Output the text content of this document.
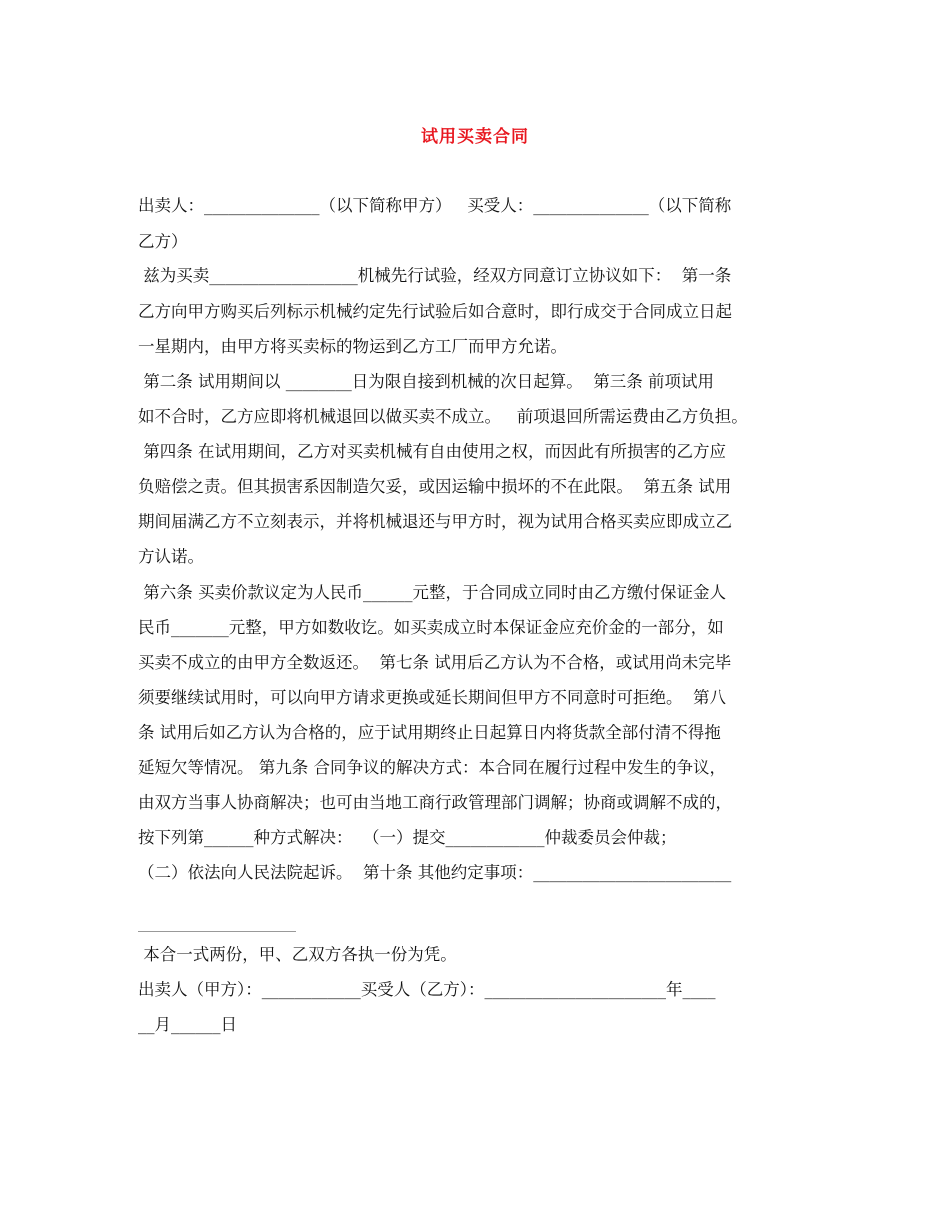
试用买卖合同
出卖人：______________（以下简称甲方）   买受人：______________（以下简称
乙方）
兹为买卖__________________机械先行试验，经双方同意订立协议如下：  第一条
乙方向甲方购买后列标示机械约定先行试验后如合意时，即行成交于合同成立日起
一星期内，由甲方将买卖标的物运到乙方工厂而甲方允诺。
第二条 试用期间以 ________日为限自接到机械的次日起算。  第三条 前项试用
如不合时，乙方应即将机械退回以做买卖不成立。   前项退回所需运费由乙方负担。
第四条 在试用期间，乙方对买卖机械有自由使用之权，而因此有所损害的乙方应
负赔偿之责。但其损害系因制造欠妥，或因运输中损坏的不在此限。  第五条 试用
期间届满乙方不立刻表示，并将机械退还与甲方时，视为试用合格买卖应即成立乙
方认诺。
第六条 买卖价款议定为人民币______元整，于合同成立同时由乙方缴付保证金人
民币_______元整，甲方如数收讫。如买卖成立时本保证金应充价金的一部分，如
买卖不成立的由甲方全数返还。  第七条 试用后乙方认为不合格，或试用尚未完毕
须要继续试用时，可以向甲方请求更换或延长期间但甲方不同意时可拒绝。  第八
条 试用后如乙方认为合格的，应于试用期终止日起算日内将货款全部付清不得拖
延短欠等情况。 第九条 合同争议的解决方式：本合同在履行过程中发生的争议，
由双方当事人协商解决；也可由当地工商行政管理部门调解；协商或调解不成的，
按下列第______种方式解决：  （一）提交____________仲裁委员会仲裁；
（二）依法向人民法院起诉。  第十条 其他约定事项：________________________
本合一式两份，甲、乙双方各执一份为凭。
出卖人（甲方）：____________买受人（乙方）：______________________年____
__月______日
